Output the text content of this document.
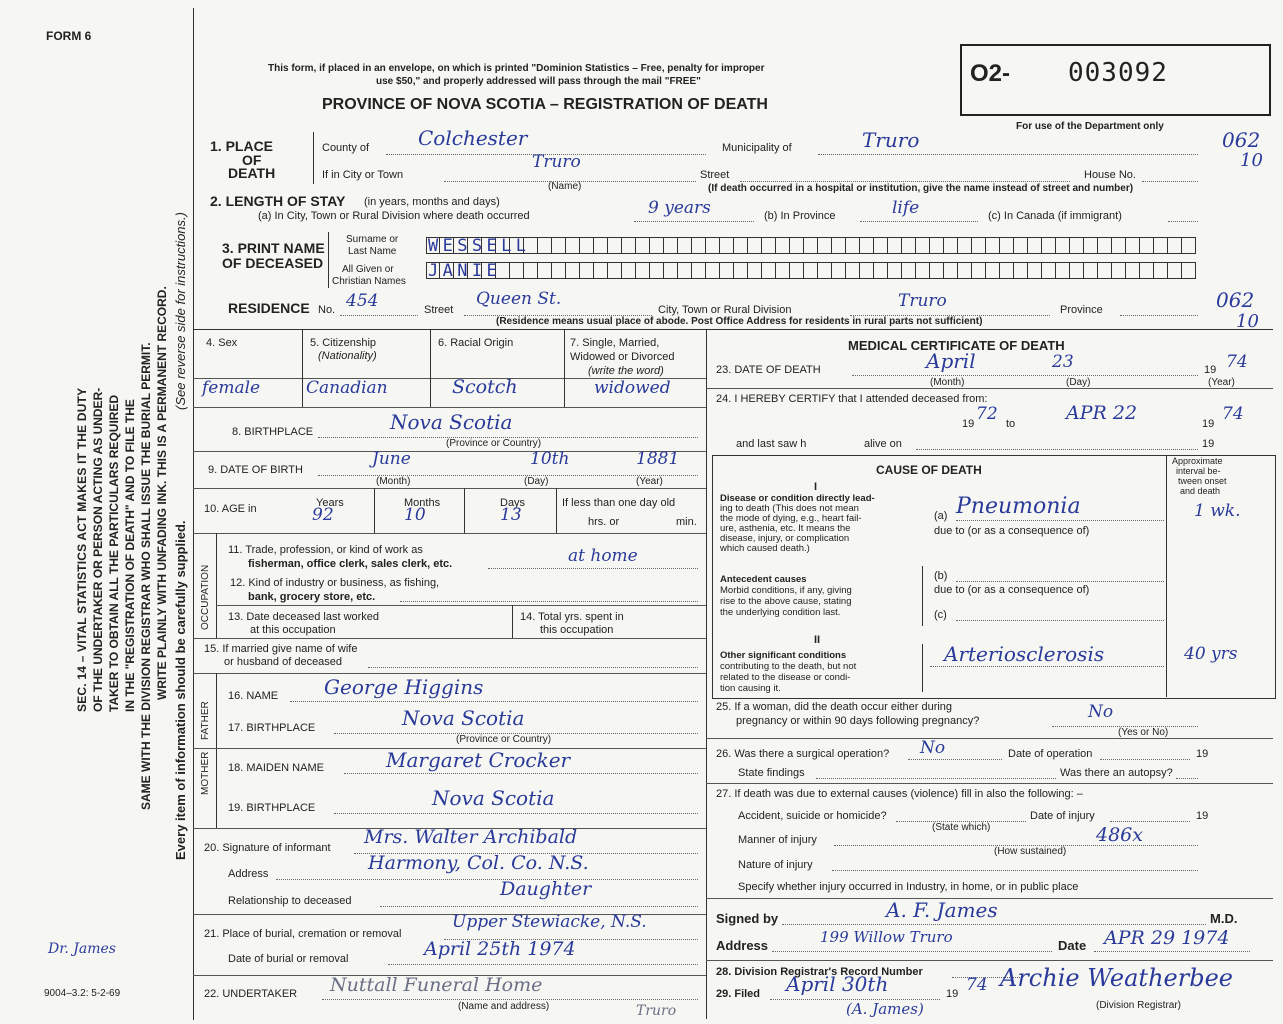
FORM 6
SEC. 14 – VITAL STATISTICS ACT MAKES IT THE DUTY OF THE UNDERTAKER OR PERSON ACTING AS UNDER- TAKER TO OBTAIN ALL THE PARTICULARS REQUIRED IN THE "REGISTRATION OF DEATH" AND TO FILE THE SAME WITH THE DIVISION REGISTRAR WHO SHALL ISSUE THE BURIAL PERMIT. WRITE PLAINLY WITH UNFADING INK. THIS IS A PERMANENT RECORD. Every item of information should be carefully supplied.
(See reverse side for instructions.)
Dr. James
9004–3.2: 5-2-69
This form, if placed in an envelope, on which is printed "Dominion Statistics – Free, penalty for improper
use $50," and properly addressed will pass through the mail "FREE"
PROVINCE OF NOVA SCOTIA – REGISTRATION OF DEATH
O2- 003092
For use of the Department only
062
10
062
10
1. PLACE
OF
DEATH
County of Colchester	Municipality of	Truro
If in City or Town
Truro
(Name)
Street	House No.
(If death occurred in a hospital or institution, give the name instead of street and number)
2. LENGTH OF STAY (in years, months and days)
(a) In City, Town or Rural Division where death occurred	9 years	(b) In Province	life	(c) In Canada (if immigrant)
3. PRINT NAME
OF DECEASED
Surname or
Last Name
All Given or
Christian Names
WESSELL
JANIE
RESIDENCE No. 454	Street
Queen St.
City, Town or Rural Division	Truro	Province
(Residence means usual place of abode. Post Office Address for residents in rural parts not sufficient)
4. Sex	5. Citizenship
(Nationality)
6. Racial Origin	7. Single, Married,
Widowed or Divorced
(write the word)
female	Canadian	Scotch	widowed
8. BIRTHPLACE	Nova Scotia
(Province or Country)
9. DATE OF BIRTH
June	10th	1881
(Month)	(Day)	(Year)
10. AGE in	Years	Months	Days	If less than one day old
92	10	13	hrs. or	min.
OCCUPATION
11. Trade, profession, or kind of work as
fisherman, office clerk, sales clerk, etc.	at home
12. Kind of industry or business, as fishing,
bank, grocery store, etc.
13. Date deceased last worked
at this occupation
14. Total yrs. spent in
this occupation
15. If married give name of wife
or husband of deceased
FATHER
MOTHER
16. NAME George Higgins
17. BIRTHPLACE	Nova Scotia
(Province or Country)
18. MAIDEN NAME	Margaret Crocker
19. BIRTHPLACE	Nova Scotia
20. Signature of informant Mrs. Walter Archibald
Address	Harmony, Col. Co. N.S.
Relationship to deceased
Daughter
21. Place of burial, cremation or removal
Upper Stewiacke, N.S.
Date of burial or removal	April 25th 1974
22. UNDERTAKER Nuttall Funeral Home
(Name and address)	Truro
MEDICAL CERTIFICATE OF DEATH
23. DATE OF DEATH	April	23	19 74
(Month)	(Day)	(Year)
24. I HEREBY CERTIFY that I attended deceased from:
19 72 to	APR 22	19 74
and last saw h	alive on	19
CAUSE OF DEATH
Approximate
interval be-
tween onset
and death
I
Disease or condition directly lead-
ing to death (This does not mean
the mode of dying, e.g., heart fail-
ure, asthenia, etc. It means the
disease, injury, or complication
which caused death.)
(a) Pneumonia	1 wk.
due to (or as a consequence of)
Antecedent causes
Morbid conditions, if any, giving
rise to the above cause, stating
the underlying condition last.
(b)
due to (or as a consequence of)
(c)
II
Other significant conditions
contributing to the death, but not
related to the disease or condi-
tion causing it.
Arteriosclerosis	40 yrs
25. If a woman, did the death occur either during
pregnancy or within 90 days following pregnancy?	No
(Yes or No)
26. Was there a surgical operation? No	Date of operation	19
State findings	Was there an autopsy?
27. If death was due to external causes (violence) fill in also the following: –
Accident, suicide or homicide?
(State which)
Date of injury	19
Manner of injury
(How sustained)
486x
Nature of injury
Specify whether injury occurred in Industry, in home, or in public place
Signed by	A. F. James	M.D.
Address	199 Willow Truro	Date APR 29 1974
28. Division Registrar's Record Number
29. Filed April 30th	19 74 Archie Weatherbee
(Division Registrar)
(A. James)
